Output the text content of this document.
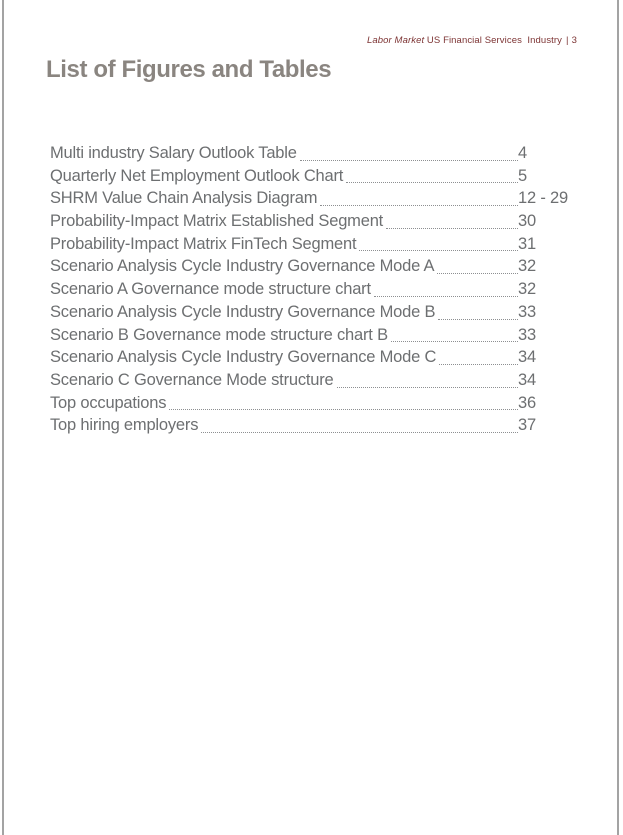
Labor Market US Financial Services  Industry | 3

List of Figures and Tables
Multi industry Salary Outlook Table	4
Quarterly Net Employment Outlook Chart	5
SHRM Value Chain Analysis Diagram	12 - 29
Probability-Impact Matrix Established Segment	30
Probability-Impact Matrix FinTech Segment	31
Scenario Analysis Cycle Industry Governance Mode A	32
Scenario A Governance mode structure chart	32
Scenario Analysis Cycle Industry Governance Mode B	33
Scenario B Governance mode structure chart B	33
Scenario Analysis Cycle Industry Governance Mode C	34
Scenario C Governance Mode structure	34
Top occupations	36
Top hiring employers	37
